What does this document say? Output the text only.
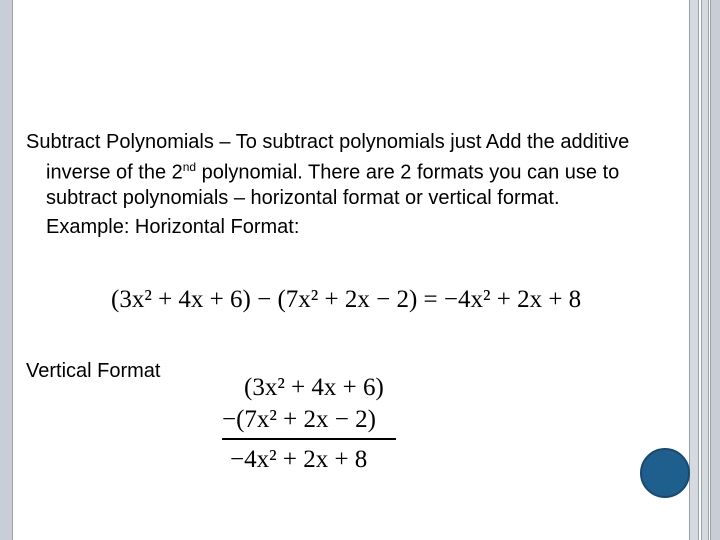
Subtract Polynomials – To subtract polynomials just Add the additive inverse of the 2nd polynomial. There are 2 formats you can use to subtract polynomials – horizontal format or vertical format.

Example: Horizontal Format:

(3x² + 4x + 6) − (7x² + 2x − 2) = −4x² + 2x + 8
Vertical Format
(3x² + 4x + 6)
−(7x² + 2x − 2)
−4x² + 2x + 8
